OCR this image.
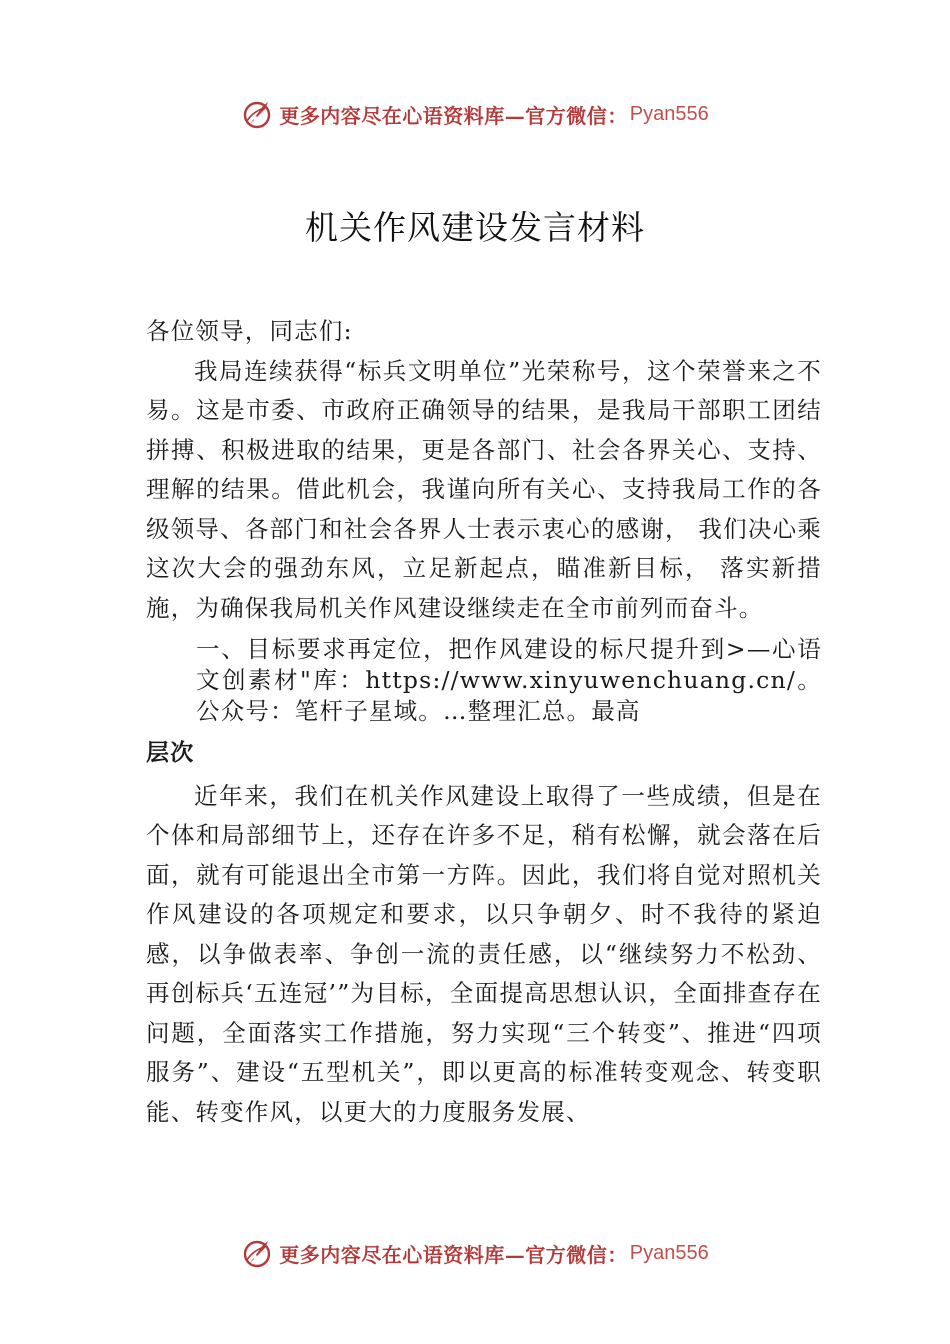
更多内容尽在心语资料库—官方微信： Pyan556
机关作风建设发言材料

各位领导，同志们:

我局连续获得“标兵文明单位”光荣称号，这个荣誉来之不易。这是市委、市政府正确领导的结果，是我局干部职工团结拼搏、积极进取的结果，更是各部门、社会各界关心、支持、理解的结果。借此机会，我谨向所有关心、支持我局工作的各级领导、各部门和社会各界人士表示衷心的感谢， 我们决心乘这次大会的强劲东风，立足新起点，瞄准新目标， 落实新措施，为确保我局机关作风建设继续走在全市前列而奋斗。

一、目标要求再定位，把作风建设的标尺提升到>—心语文创素材"库：https://www.xinyuwenchuang.cn/。公众号：笔杆子星域。…整理汇总。最高

层次

近年来，我们在机关作风建设上取得了一些成绩，但是在个体和局部细节上，还存在许多不足，稍有松懈，就会落在后面，就有可能退出全市第一方阵。因此，我们将自觉对照机关作风建设的各项规定和要求，以只争朝夕、时不我待的紧迫感，以争做表率、争创一流的责任感，以“继续努力不松劲、再创标兵‘五连冠’”为目标，全面提高思想认识，全面排查存在问题，全面落实工作措施，努力实现“三个转变”、推进“四项服务”、建设“五型机关”，即以更高的标准转变观念、转变职能、转变作风，以更大的力度服务发展、

更多内容尽在心语资料库—官方微信： Pyan556
